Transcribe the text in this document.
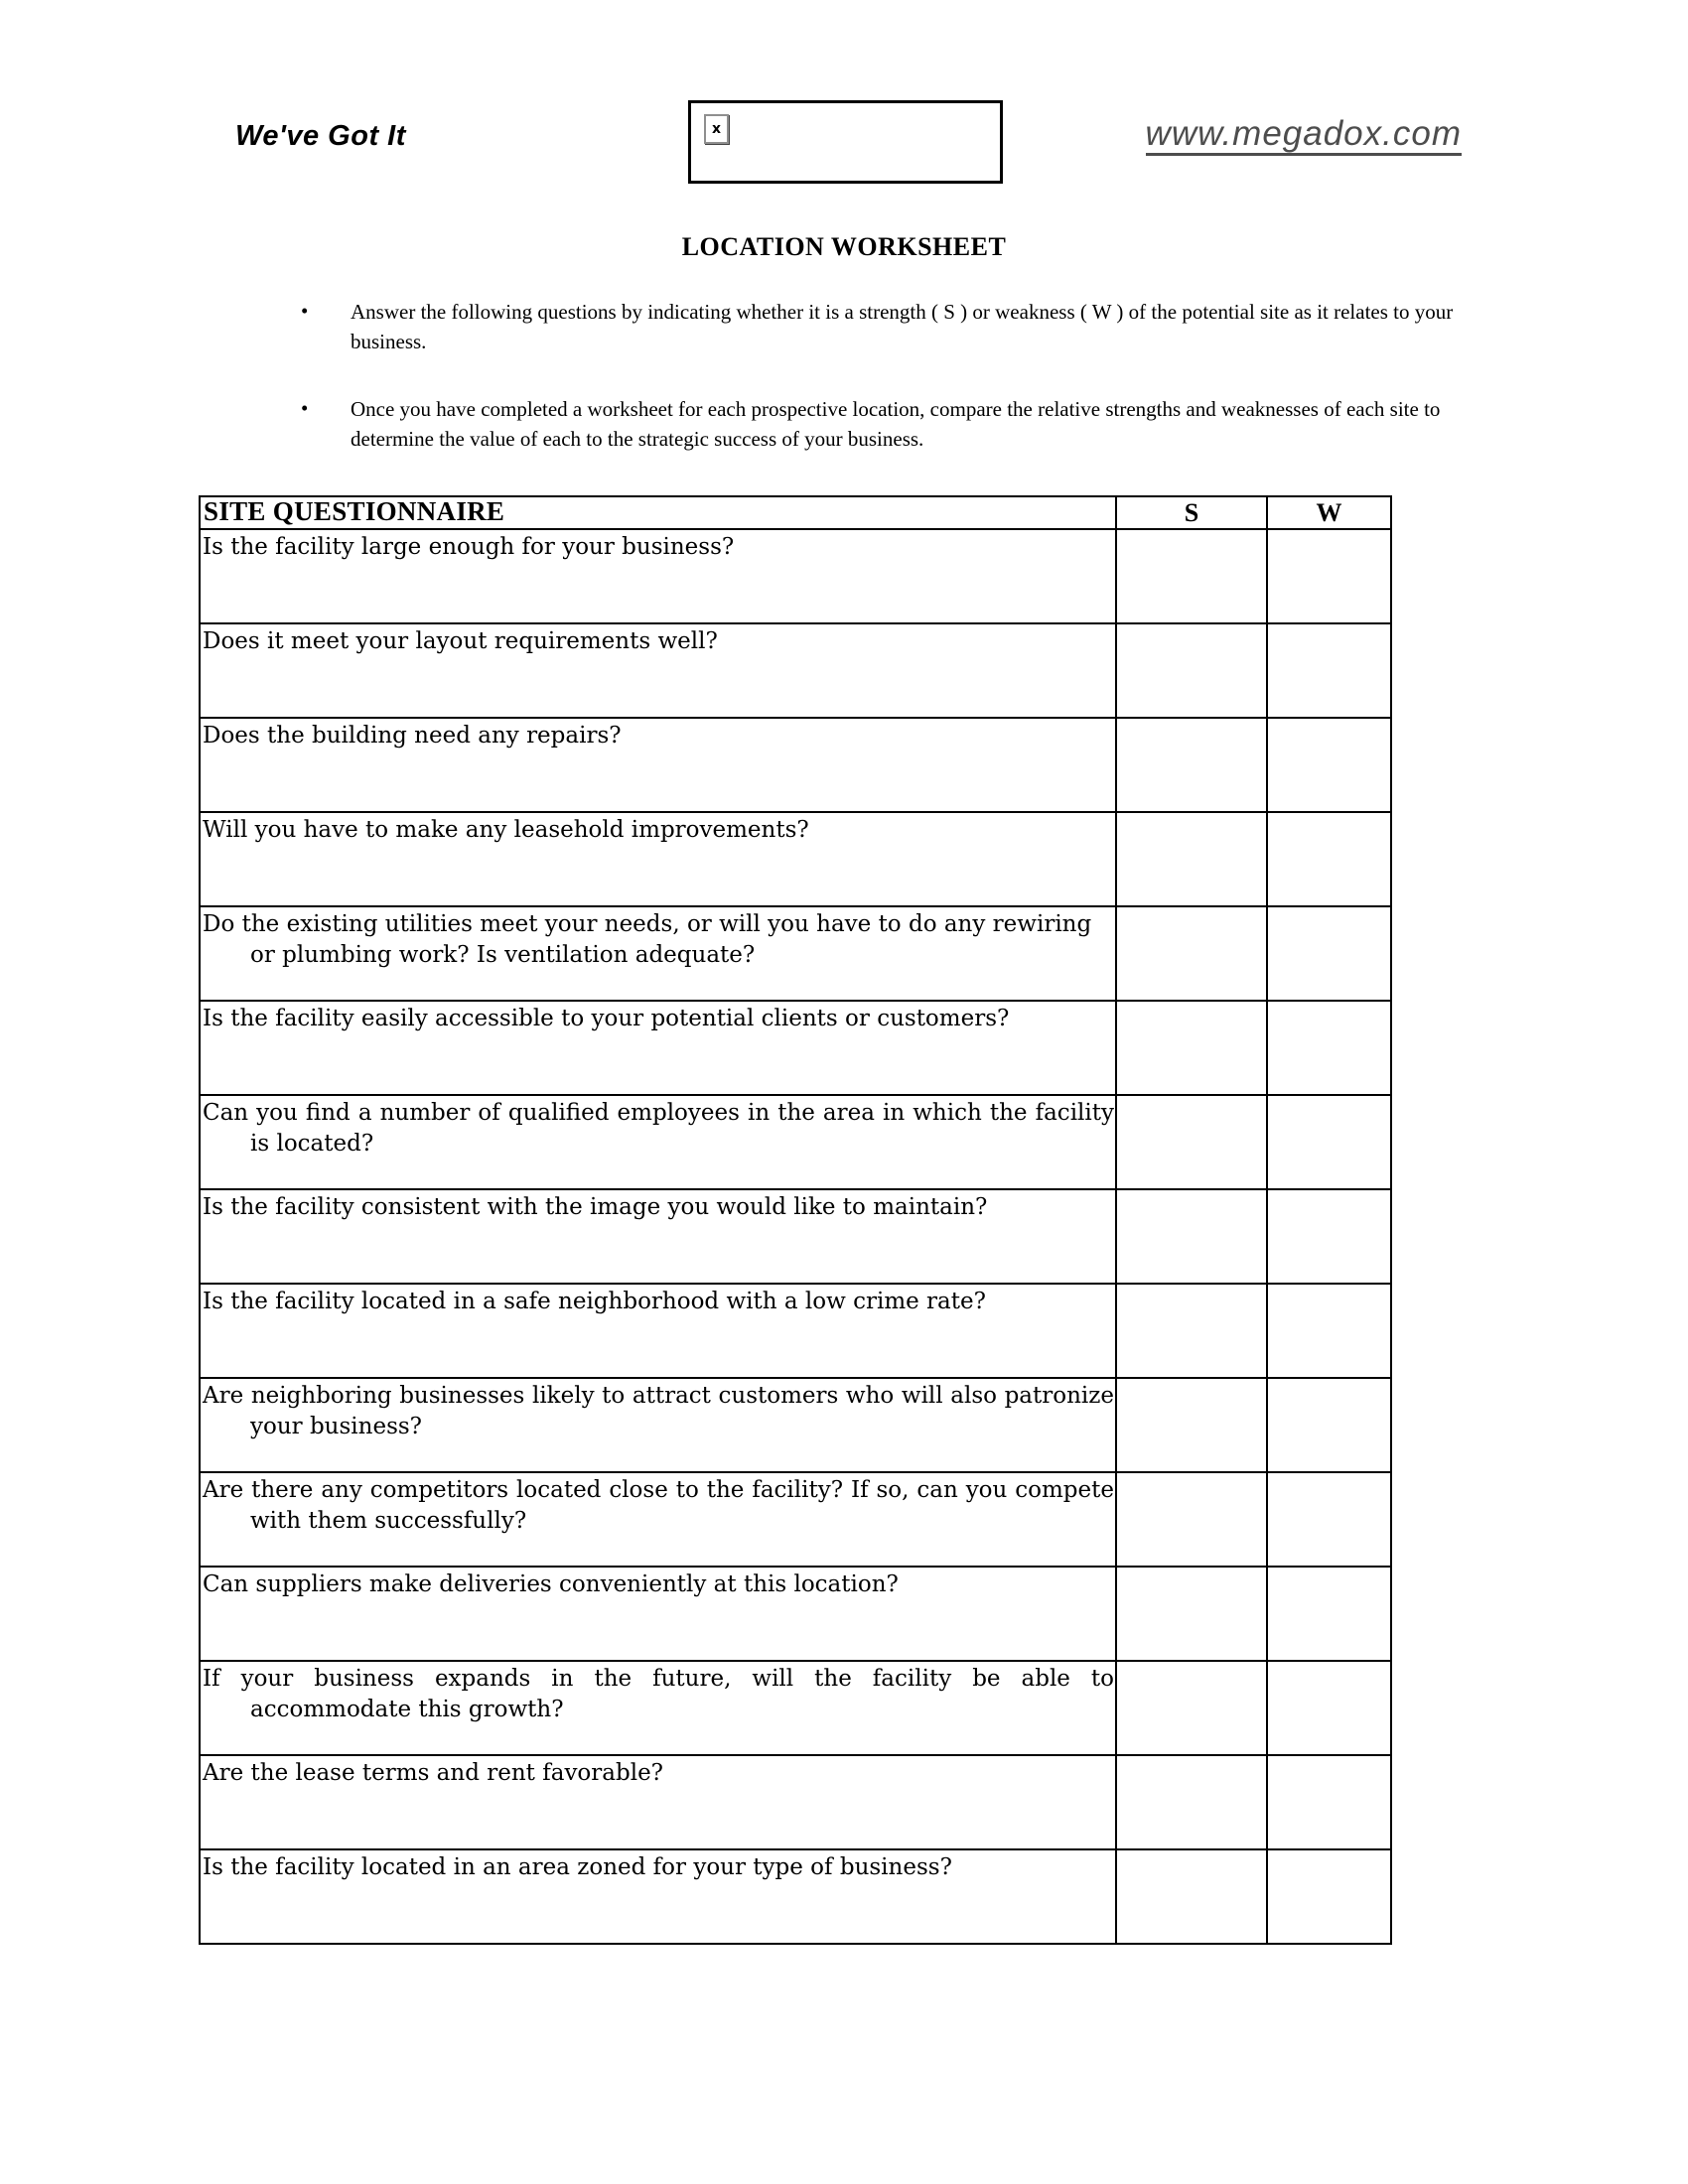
We've Got It	x	www.megadox.com
LOCATION WORKSHEET
• Answer the following questions by indicating whether it is a strength ( S ) or weakness ( W ) of the potential site as it relates to your business.
• Once you have completed a worksheet for each prospective location, compare the relative strengths and weaknesses of each site to determine the value of each to the strategic success of your business.
SITE QUESTIONNAIRE	S	W
Is the facility large enough for your business?		
Does it meet your layout requirements well?		
Does the building need any repairs?		
Will you have to make any leasehold improvements?		
Do the existing utilities meet your needs, or will you have to do any rewiring or plumbing work? Is ventilation adequate?		
Is the facility easily accessible to your potential clients or customers?		
Can you find a number of qualified employees in the area in which the facility is located?		
Is the facility consistent with the image you would like to maintain?		
Is the facility located in a safe neighborhood with a low crime rate?		
Are neighboring businesses likely to attract customers who will also patronize your business?		
Are there any competitors located close to the facility? If so, can you compete with them successfully?		
Can suppliers make deliveries conveniently at this location?		
If your business expands in the future, will the facility be able to accommodate this growth?		
Are the lease terms and rent favorable?		
Is the facility located in an area zoned for your type of business?		
